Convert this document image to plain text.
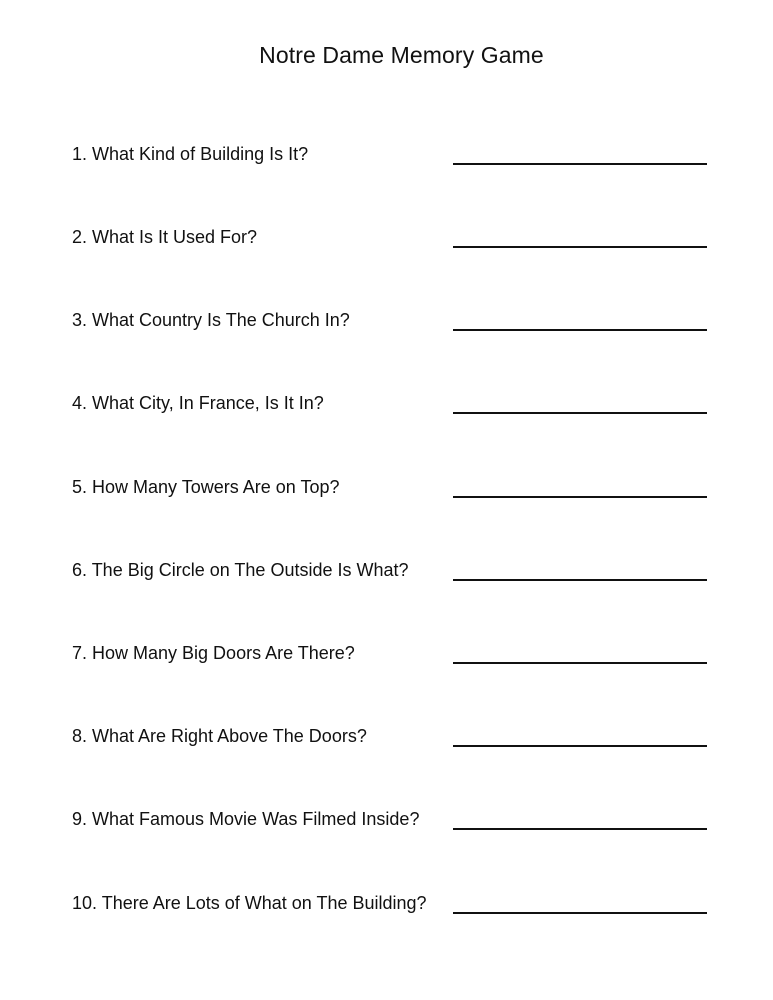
Notre Dame Memory Game
1. What Kind of Building Is It?
2. What Is It Used For?
3. What Country Is The Church In?
4. What City, In France, Is It In?
5. How Many Towers Are on Top?
6. The Big Circle on The Outside Is What?
7. How Many Big Doors Are There?
8. What Are Right Above The Doors?
9. What Famous Movie Was Filmed Inside?
10. There Are Lots of What on The Building?
